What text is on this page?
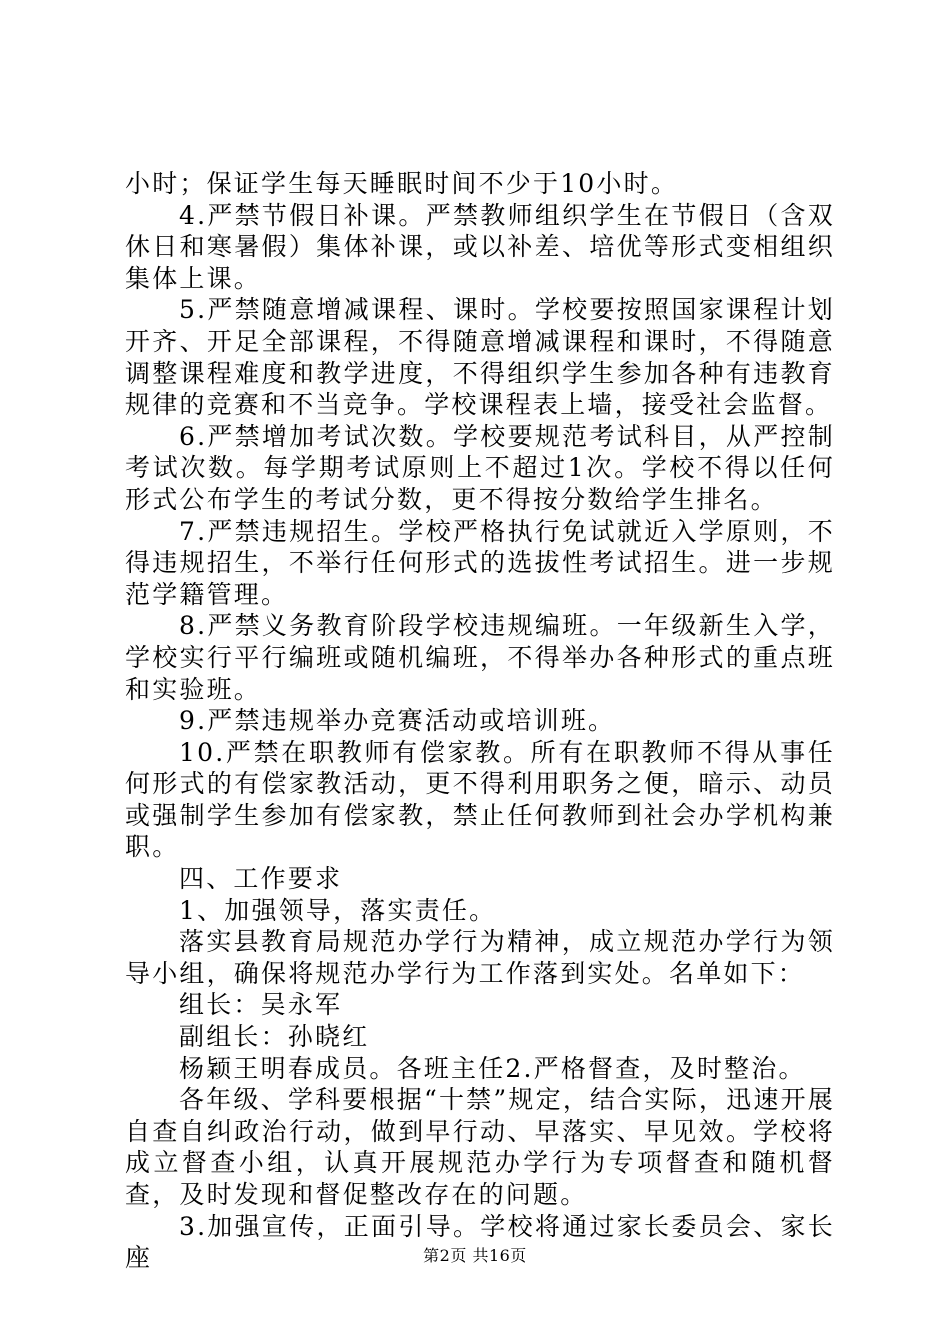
小时；保证学生每天睡眠时间不少于10小时。

4.严禁节假日补课。严禁教师组织学生在节假日（含双休日和寒暑假）集体补课，或以补差、培优等形式变相组织集体上课。

5.严禁随意增减课程、课时。学校要按照国家课程计划开齐、开足全部课程，不得随意增减课程和课时，不得随意调整课程难度和教学进度，不得组织学生参加各种有违教育规律的竞赛和不当竞争。学校课程表上墙，接受社会监督。

6.严禁增加考试次数。学校要规范考试科目，从严控制考试次数。每学期考试原则上不超过1次。学校不得以任何形式公布学生的考试分数，更不得按分数给学生排名。

7.严禁违规招生。学校严格执行免试就近入学原则，不得违规招生，不举行任何形式的选拔性考试招生。进一步规范学籍管理。

8.严禁义务教育阶段学校违规编班。一年级新生入学，学校实行平行编班或随机编班，不得举办各种形式的重点班和实验班。

9.严禁违规举办竞赛活动或培训班。

10.严禁在职教师有偿家教。所有在职教师不得从事任何形式的有偿家教活动，更不得利用职务之便，暗示、动员或强制学生参加有偿家教，禁止任何教师到社会办学机构兼职。

四、工作要求

1、加强领导，落实责任。

落实县教育局规范办学行为精神，成立规范办学行为领导小组，确保将规范办学行为工作落到实处。名单如下：

组长：吴永军

副组长：孙晓红

杨颖王明春成员。各班主任2.严格督查，及时整治。

各年级、学科要根据“十禁”规定，结合实际，迅速开展自查自纠政治行动，做到早行动、早落实、早见效。学校将成立督查小组，认真开展规范办学行为专项督查和随机督查，及时发现和督促整改存在的问题。

3.加强宣传，正面引导。学校将通过家长委员会、家长座	第2页 共16页
